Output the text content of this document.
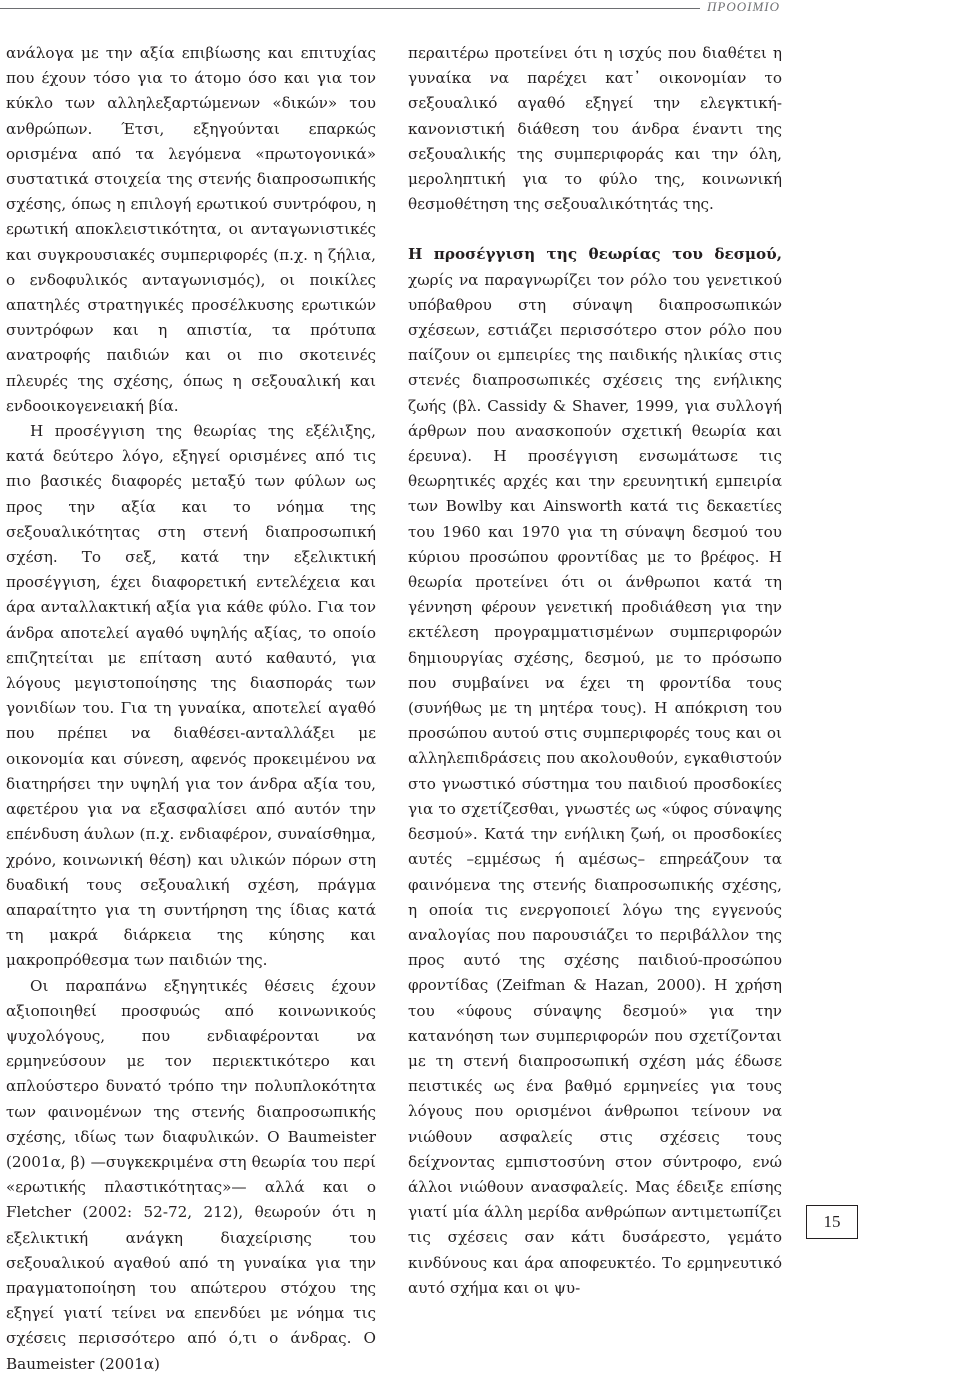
ΠΡΟΟΙΜΙΟ

ανάλογα με την αξία επιβίωσης και επιτυχίας που έχουν τόσο για το άτομο όσο και για τον κύκλο των αλληλεξαρτώμενων «δικών» του ανθρώπων. Έτσι, εξηγούνται επαρκώς ορισμένα από τα λεγόμενα «πρωτογονικά» συστατικά στοιχεία της στενής διαπροσωπικής σχέσης, όπως η επιλογή ερωτικού συντρόφου, η ερωτική αποκλειστικότητα, οι ανταγωνιστικές και συγκρουσιακές συμπεριφορές (π.χ. η ζήλια, ο ενδοφυλικός ανταγωνισμός), οι ποικίλες απατηλές στρατηγικές προσέλκυσης ερωτικών συντρόφων και η απιστία, τα πρότυπα ανατροφής παιδιών και οι πιο σκοτεινές πλευρές της σχέσης, όπως η σεξουαλική και ενδοοικογενειακή βία.

Η προσέγγιση της θεωρίας της εξέλιξης, κατά δεύτερο λόγο, εξηγεί ορισμένες από τις πιο βασικές διαφορές μεταξύ των φύλων ως προς την αξία και το νόημα της σεξουαλικότητας στη στενή διαπροσωπική σχέση. Το σεξ, κατά την εξελικτική προσέγγιση, έχει διαφορετική εντελέχεια και άρα ανταλλακτική αξία για κάθε φύλο. Για τον άνδρα αποτελεί αγαθό υψηλής αξίας, το οποίο επιζητείται με επίταση αυτό καθαυτό, για λόγους μεγιστοποίησης της διασποράς των γονιδίων του. Για τη γυναίκα, αποτελεί αγαθό που πρέπει να διαθέσει-ανταλλάξει με οικονομία και σύνεση, αφενός προκειμένου να διατηρήσει την υψηλή για τον άνδρα αξία του, αφετέρου για να εξασφαλίσει από αυτόν την επένδυση άυλων (π.χ. ενδιαφέρον, συναίσθημα, χρόνο, κοινωνική θέση) και υλικών πόρων στη δυαδική τους σεξουαλική σχέση, πράγμα απαραίτητο για τη συντήρηση της ίδιας κατά τη μακρά διάρκεια της κύησης και μακροπρόθεσμα των παιδιών της.

Οι παραπάνω εξηγητικές θέσεις έχουν αξιοποιηθεί προσφυώς από κοινωνικούς ψυχολόγους, που ενδιαφέρονται να ερμηνεύσουν με τον περιεκτικότερο και απλούστερο δυνατό τρόπο την πολυπλοκότητα των φαινομένων της στενής διαπροσωπικής σχέσης, ιδίως των διαφυλικών. Ο Baumeister (2001α, β) —συγκεκριμένα στη θεωρία του περί «ερωτικής πλαστικότητας»— αλλά και ο Fletcher (2002: 52-72, 212), θεωρούν ότι η εξελικτική ανάγκη διαχείρισης του σεξουαλικού αγαθού από τη γυναίκα για την πραγματοποίηση του απώτερου στόχου της εξηγεί γιατί τείνει να επενδύει με νόημα τις σχέσεις περισσότερο από ό,τι ο άνδρας. Ο Baumeister (2001α)

περαιτέρω προτείνει ότι η ισχύς που διαθέτει η γυναίκα να παρέχει κατ᾽ οικονομίαν το σεξουαλικό αγαθό εξηγεί την ελεγκτική-κανονιστική διάθεση του άνδρα έναντι της σεξουαλικής της συμπεριφοράς και την όλη, μεροληπτική για το φύλο της, κοινωνική θεσμοθέτηση της σεξουαλικότητάς της.

Η προσέγγιση της θεωρίας του δεσμού, χωρίς να παραγνωρίζει τον ρόλο του γενετικού υπόβαθρου στη σύναψη διαπροσωπικών σχέσεων, εστιάζει περισσότερο στον ρόλο που παίζουν οι εμπειρίες της παιδικής ηλικίας στις στενές διαπροσωπικές σχέσεις της ενήλικης ζωής (βλ. Cassidy & Shaver, 1999, για συλλογή άρθρων που ανασκοπούν σχετική θεωρία και έρευνα). Η προσέγγιση ενσωμάτωσε τις θεωρητικές αρχές και την ερευνητική εμπειρία των Bowlby και Ainsworth κατά τις δεκαετίες του 1960 και 1970 για τη σύναψη δεσμού του κύριου προσώπου φροντίδας με το βρέφος. Η θεωρία προτείνει ότι οι άνθρωποι κατά τη γέννηση φέρουν γενετική προδιάθεση για την εκτέλεση προγραμματισμένων συμπεριφορών δημιουργίας σχέσης, δεσμού, με το πρόσωπο που συμβαίνει να έχει τη φροντίδα τους (συνήθως με τη μητέρα τους). Η απόκριση του προσώπου αυτού στις συμπεριφορές τους και οι αλληλεπιδράσεις που ακολουθούν, εγκαθιστούν στο γνωστικό σύστημα του παιδιού προσδοκίες για το σχετίζεσθαι, γνωστές ως «ύφος σύναψης δεσμού». Κατά την ενήλικη ζωή, οι προσδοκίες αυτές –εμμέσως ή αμέσως– επηρεάζουν τα φαινόμενα της στενής διαπροσωπικής σχέσης, η οποία τις ενεργοποιεί λόγω της εγγενούς αναλογίας που παρουσιάζει το περιβάλλον της προς αυτό της σχέσης παιδιού-προσώπου φροντίδας (Zeifman & Hazan, 2000). Η χρήση του «ύφους σύναψης δεσμού» για την κατανόηση των συμπεριφορών που σχετίζονται με τη στενή διαπροσωπική σχέση μάς έδωσε πειστικές ως ένα βαθμό ερμηνείες για τους λόγους που ορισμένοι άνθρωποι τείνουν να νιώθουν ασφαλείς στις σχέσεις τους δείχνοντας εμπιστοσύνη στον σύντροφο, ενώ άλλοι νιώθουν ανασφαλείς. Μας έδειξε επίσης γιατί μία άλλη μερίδα ανθρώπων αντιμετωπίζει τις σχέσεις σαν κάτι δυσάρεστο, γεμάτο κινδύνους και άρα αποφευκτέο. Το ερμηνευτικό αυτό σχήμα και οι ψυ-

15
